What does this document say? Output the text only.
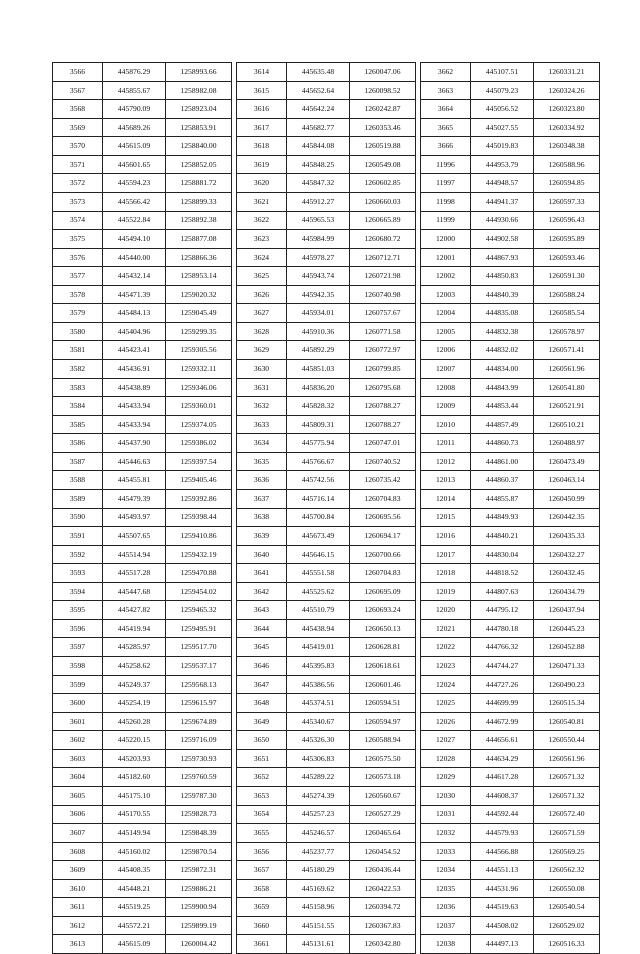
3566	445876.29	1258993.66
3567	445855.67	1258982.08
3568	445790.09	1258923.04
3569	445689.26	1258853.91
3570	445615.09	1258840.00
3571	445601.65	1258852.05
3572	445594.23	1258881.72
3573	445566.42	1258899.33
3574	445522.84	1258892.38
3575	445494.10	1258877.08
3576	445440.00	1258866.36
3577	445432.14	1258953.14
3578	445471.39	1259020.32
3579	445484.13	1259045.49
3580	445404.96	1259299.35
3581	445423.41	1259305.56
3582	445436.91	1259332.11
3583	445438.89	1259346.06
3584	445433.94	1259360.01
3585	445433.94	1259374.05
3586	445437.90	1259386.02
3587	445446.63	1259397.54
3588	445455.81	1259405.46
3589	445479.39	1259392.86
3590	445493.97	1259398.44
3591	445507.65	1259410.86
3592	445514.94	1259432.19
3593	445517.28	1259470.88
3594	445447.68	1259454.02
3595	445427.82	1259465.32
3596	445419.94	1259495.91
3597	445285.97	1259517.70
3598	445258.62	1259537.17
3599	445249.37	1259568.13
3600	445254.19	1259615.97
3601	445260.28	1259674.89
3602	445220.15	1259716.09
3603	445203.93	1259730.93
3604	445182.60	1259760.59
3605	445175.10	1259787.30
3606	445170.55	1259828.73
3607	445149.94	1259848.39
3608	445160.02	1259870.54
3609	445408.35	1259872.31
3610	445448.21	1259886.21
3611	445519.25	1259900.94
3612	445572.21	1259899.19
3613	445615.09	1260004.42
3614	445635.48	1260047.06
3615	445652.64	1260098.52
3616	445642.24	1260242.87
3617	445682.77	1260353.46
3618	445844.08	1260519.88
3619	445848.25	1260549.08
3620	445847.32	1260602.85
3621	445912.27	1260660.03
3622	445965.53	1260665.89
3623	445984.99	1260680.72
3624	445978.27	1260712.71
3625	445943.74	1260721.98
3626	445942.35	1260740.98
3627	445934.01	1260757.67
3628	445910.36	1260771.58
3629	445892.29	1260772.97
3630	445851.03	1260799.85
3631	445836.20	1260795.68
3632	445828.32	1260788.27
3633	445809.31	1260788.27
3634	445775.94	1260747.01
3635	445766.67	1260740.52
3636	445742.56	1260735.42
3637	445716.14	1260704.83
3638	445700.84	1260695.56
3639	445673.49	1260694.17
3640	445646.15	1260700.66
3641	445551.58	1260704.83
3642	445525.62	1260695.09
3643	445510.79	1260693.24
3644	445438.94	1260650.13
3645	445419.01	1260628.81
3646	445395.83	1260618.61
3647	445386.56	1260601.46
3648	445374.51	1260594.51
3649	445340.67	1260594.97
3650	445326.30	1260588.94
3651	445306.83	1260575.50
3652	445289.22	1260573.18
3653	445274.39	1260560.67
3654	445257.23	1260527.29
3655	445246.57	1260465.64
3656	445237.77	1260454.52
3657	445180.29	1260436.44
3658	445169.62	1260422.53
3659	445158.96	1260394.72
3660	445151.55	1260367.83
3661	445131.61	1260342.80
3662	445107.51	1260331.21
3663	445079.23	1260324.26
3664	445056.52	1260323.80
3665	445027.55	1260334.92
3666	445019.83	1260348.38
11996	444953.79	1260588.96
11997	444948.57	1260594.85
11998	444941.37	1260597.33
11999	444930.66	1260596.43
12000	444902.58	1260595.89
12001	444867.93	1260593.46
12002	444850.83	1260591.30
12003	444840.39	1260588.24
12004	444835.08	1260585.54
12005	444832.38	1260578.97
12006	444832.02	1260571.41
12007	444834.00	1260561.96
12008	444843.99	1260541.80
12009	444853.44	1260521.91
12010	444857.49	1260510.21
12011	444860.73	1260488.97
12012	444861.00	1260473.49
12013	444860.37	1260463.14
12014	444855.87	1260450.99
12015	444849.93	1260442.35
12016	444840.21	1260435.33
12017	444830.04	1260432.27
12018	444818.52	1260432.45
12019	444807.63	1260434.79
12020	444795.12	1260437.94
12021	444780.18	1260445.23
12022	444766.32	1260452.88
12023	444744.27	1260471.33
12024	444727.26	1260490.23
12025	444699.99	1260515.34
12026	444672.99	1260540.81
12027	444656.61	1260550.44
12028	444634.29	1260561.96
12029	444617.28	1260571.32
12030	444608.37	1260571.32
12031	444592.44	1260572.40
12032	444579.93	1260571.59
12033	444566.88	1260569.25
12034	444551.13	1260562.32
12035	444531.96	1260550.08
12036	444519.63	1260540.54
12037	444508.02	1260529.02
12038	444497.13	1260516.33
